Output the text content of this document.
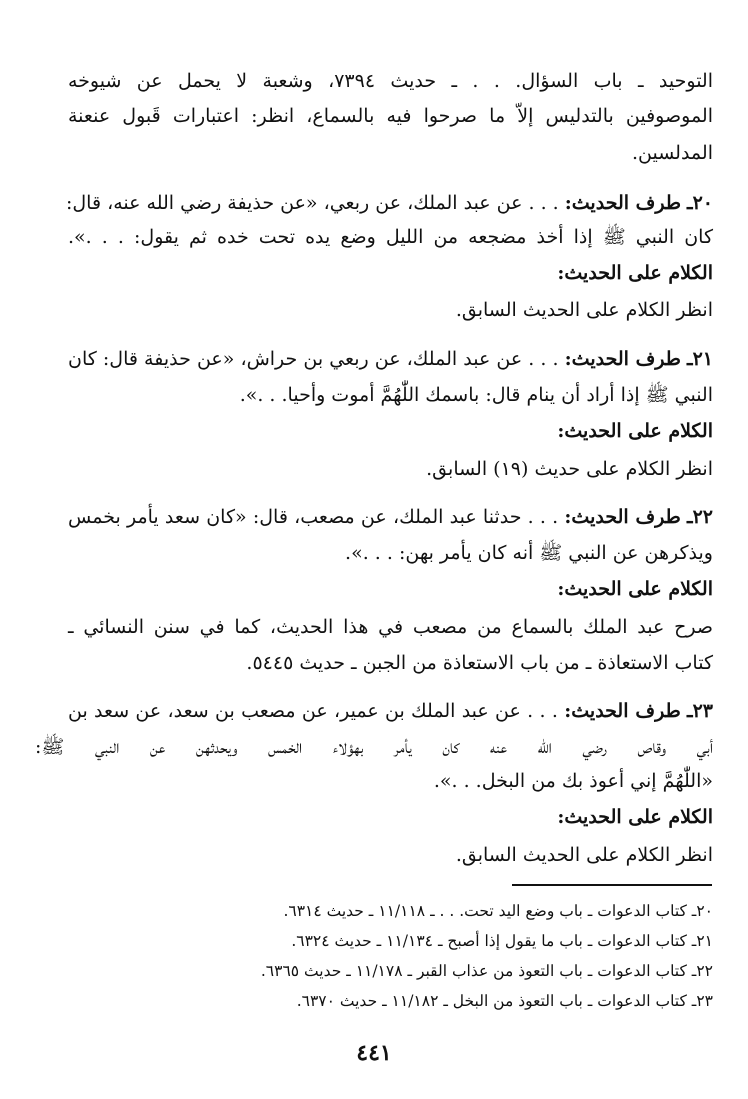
التوحيد ـ باب السؤال. . . ـ حديث ٧٣٩٤، وشعبة لا يحمل عن شيوخه
الموصوفين بالتدليس إلاّ ما صرحوا فيه بالسماع، انظر: اعتبارات قَبول عنعنة
المدلسين.
٢٠ـ طرف الحديث: . . . عن عبد الملك، عن ربعي، «عن حذيفة رضي الله عنه، قال:
كان النبي ﷺ إذا أخذ مضجعه من الليل وضع يده تحت خده ثم يقول: . . .».
الكلام على الحديث:
انظر الكلام على الحديث السابق.
٢١ـ طرف الحديث: . . . عن عبد الملك، عن ربعي بن حراش، «عن حذيفة قال: كان
النبي ﷺ إذا أراد أن ينام قال: باسمك اللّٰهُمَّ أموت وأحيا. . .».
الكلام على الحديث:
انظر الكلام على حديث (١٩) السابق.
٢٢ـ طرف الحديث: . . . حدثنا عبد الملك، عن مصعب، قال: «كان سعد يأمر بخمس
ويذكرهن عن النبي ﷺ أنه كان يأمر بهن: . . .».
الكلام على الحديث:
صرح عبد الملك بالسماع من مصعب في هذا الحديث، كما في سنن النسائي ـ
كتاب الاستعاذة ـ من باب الاستعاذة من الجبن ـ حديث ٥٤٤٥.
٢٣ـ طرف الحديث: . . . عن عبد الملك بن عمير، عن مصعب بن سعد، عن سعد بن
أبي وقاص رضي الله عنه كان يأمر بهؤلاء الخمس ويحدثهن عن النبي ﷺ:
«اللّٰهُمَّ إني أعوذ بك من البخل. . .».
الكلام على الحديث:
انظر الكلام على الحديث السابق.
٢٠ـ كتاب الدعوات ـ باب وضع اليد تحت. . . ـ ١١/١١٨ ـ حديث ٦٣١٤.
٢١ـ كتاب الدعوات ـ باب ما يقول إذا أصبح ـ ١١/١٣٤ ـ حديث ٦٣٢٤.
٢٢ـ كتاب الدعوات ـ باب التعوذ من عذاب القبر ـ ١١/١٧٨ ـ حديث ٦٣٦٥.
٢٣ـ كتاب الدعوات ـ باب التعوذ من البخل ـ ١١/١٨٢ ـ حديث ٦٣٧٠.
٤٤١
